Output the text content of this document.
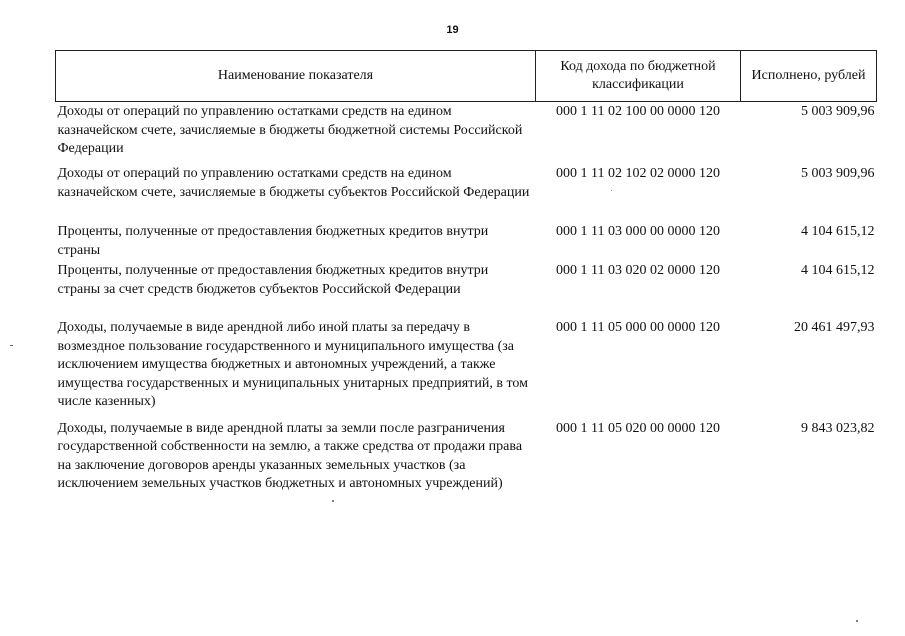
19
Наименование показателя	Код дохода по бюджетной классификации	Исполнено, рублей
Доходы от операций по управлению остатками средств на едином казначейском счете, зачисляемые в бюджеты бюджетной системы Российской Федерации	000 1 11 02 100 00 0000 120	5 003 909,96
Доходы от операций по управлению остатками средств на едином казначейском счете, зачисляемые в бюджеты субъектов Российской Федерации	000 1 11 02 102 02 0000 120	5 003 909,96
Проценты, полученные от предоставления бюджетных кредитов внутри страны	000 1 11 03 000 00 0000 120	4 104 615,12
Проценты, полученные от предоставления бюджетных кредитов внутри страны за счет средств бюджетов субъектов Российской Федерации	000 1 11 03 020 02 0000 120	4 104 615,12
Доходы, получаемые в виде арендной либо иной платы за передачу в возмездное пользование государственного и муниципального имущества (за исключением имущества бюджетных и автономных учреждений, а также имущества государственных и муниципальных унитарных предприятий, в том числе казенных)	000 1 11 05 000 00 0000 120	20 461 497,93
Доходы, получаемые в виде арендной платы за земли после разграничения государственной собственности на землю, а также средства от продажи права на заключение договоров аренды указанных земельных участков (за исключением земельных участков бюджетных и автономных учреждений)	000 1 11 05 020 00 0000 120	9 843 023,82
